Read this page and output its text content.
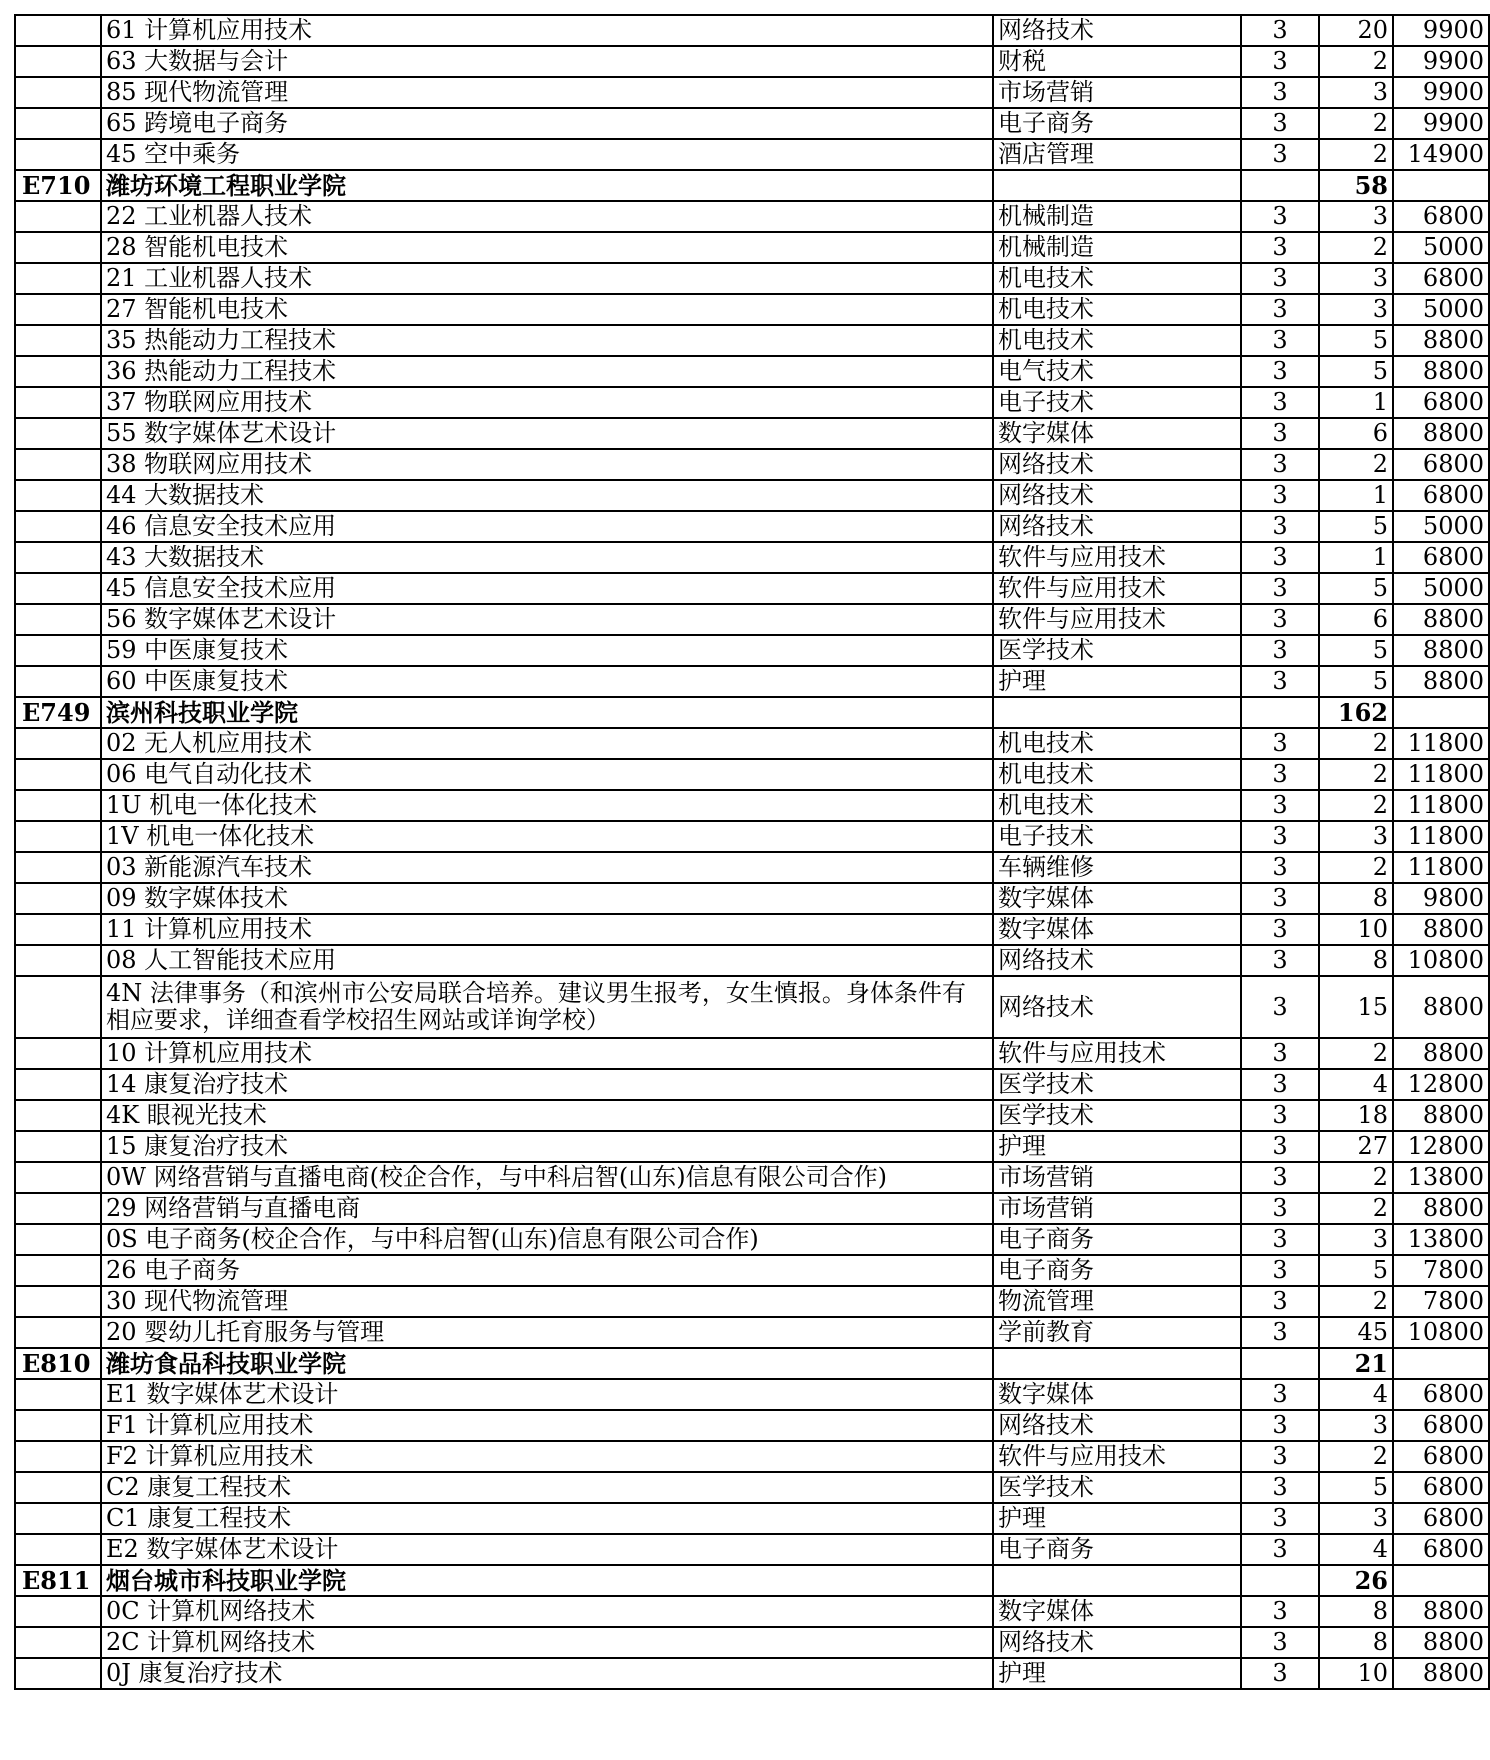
	61 计算机应用技术	网络技术	3	20	9900
	63 大数据与会计	财税	3	2	9900
	85 现代物流管理	市场营销	3	3	9900
	65 跨境电子商务	电子商务	3	2	9900
	45 空中乘务	酒店管理	3	2	14900
E710	潍坊环境工程职业学院			58	
	22 工业机器人技术	机械制造	3	3	6800
	28 智能机电技术	机械制造	3	2	5000
	21 工业机器人技术	机电技术	3	3	6800
	27 智能机电技术	机电技术	3	3	5000
	35 热能动力工程技术	机电技术	3	5	8800
	36 热能动力工程技术	电气技术	3	5	8800
	37 物联网应用技术	电子技术	3	1	6800
	55 数字媒体艺术设计	数字媒体	3	6	8800
	38 物联网应用技术	网络技术	3	2	6800
	44 大数据技术	网络技术	3	1	6800
	46 信息安全技术应用	网络技术	3	5	5000
	43 大数据技术	软件与应用技术	3	1	6800
	45 信息安全技术应用	软件与应用技术	3	5	5000
	56 数字媒体艺术设计	软件与应用技术	3	6	8800
	59 中医康复技术	医学技术	3	5	8800
	60 中医康复技术	护理	3	5	8800
E749	滨州科技职业学院			162	
	02 无人机应用技术	机电技术	3	2	11800
	06 电气自动化技术	机电技术	3	2	11800
	1U 机电一体化技术	机电技术	3	2	11800
	1V 机电一体化技术	电子技术	3	3	11800
	03 新能源汽车技术	车辆维修	3	2	11800
	09 数字媒体技术	数字媒体	3	8	9800
	11 计算机应用技术	数字媒体	3	10	8800
	08 人工智能技术应用	网络技术	3	8	10800
	4N 法律事务（和滨州市公安局联合培养。建议男生报考，女生慎报。身体条件有相应要求，详细查看学校招生网站或详询学校）	网络技术	3	15	8800
	10 计算机应用技术	软件与应用技术	3	2	8800
	14 康复治疗技术	医学技术	3	4	12800
	4K 眼视光技术	医学技术	3	18	8800
	15 康复治疗技术	护理	3	27	12800
	0W 网络营销与直播电商(校企合作，与中科启智(山东)信息有限公司合作)	市场营销	3	2	13800
	29 网络营销与直播电商	市场营销	3	2	8800
	0S 电子商务(校企合作，与中科启智(山东)信息有限公司合作)	电子商务	3	3	13800
	26 电子商务	电子商务	3	5	7800
	30 现代物流管理	物流管理	3	2	7800
	20 婴幼儿托育服务与管理	学前教育	3	45	10800
E810	潍坊食品科技职业学院			21	
	E1 数字媒体艺术设计	数字媒体	3	4	6800
	F1 计算机应用技术	网络技术	3	3	6800
	F2 计算机应用技术	软件与应用技术	3	2	6800
	C2 康复工程技术	医学技术	3	5	6800
	C1 康复工程技术	护理	3	3	6800
	E2 数字媒体艺术设计	电子商务	3	4	6800
E811	烟台城市科技职业学院			26	
	0C 计算机网络技术	数字媒体	3	8	8800
	2C 计算机网络技术	网络技术	3	8	8800
	0J 康复治疗技术	护理	3	10	8800
